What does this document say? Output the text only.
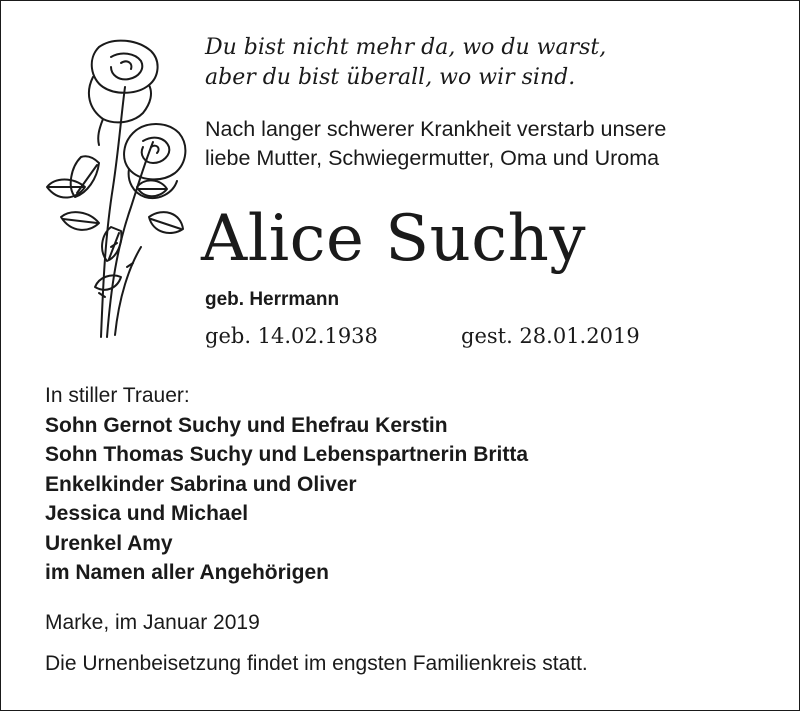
Du bist nicht mehr da, wo du warst,
aber du bist überall, wo wir sind.
Nach langer schwerer Krankheit verstarb unsere
liebe Mutter, Schwiegermutter, Oma und Uroma
Alice Suchy
geb. Herrmann
geb. 14.02.1938	gest. 28.01.2019
In stiller Trauer:
Sohn Gernot Suchy und Ehefrau Kerstin
Sohn Thomas Suchy und Lebenspartnerin Britta
Enkelkinder Sabrina und Oliver
Jessica und Michael
Urenkel Amy
im Namen aller Angehörigen
Marke, im Januar 2019
Die Urnenbeisetzung findet im engsten Familienkreis statt.
